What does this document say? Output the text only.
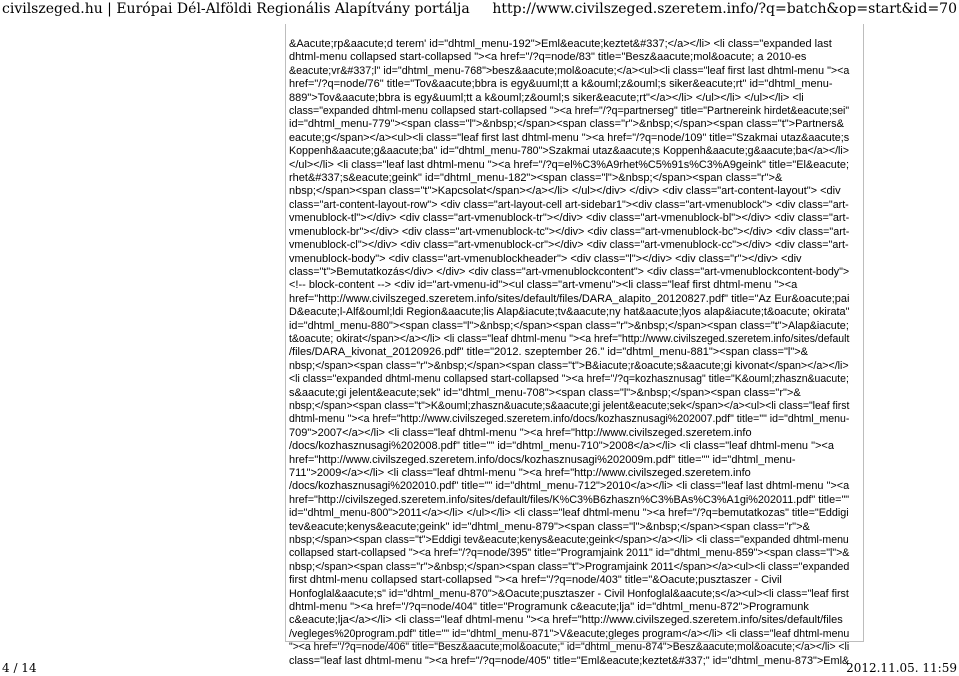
civilszeged.hu | Európai Dél-Alföldi Regionális Alapítvány portálja http://www.civilszeged.szeretem.info/?q=batch&op=start&id=70

&Aacute;rp&aacute;d terem' id="dhtml_menu-192">Eml&eacute;keztet&#337;</a></li> <li class="expanded last

dhtml-menu collapsed start-collapsed "><a href="/?q=node/83" title="Besz&aacute;mol&oacute; a 2010-es

&eacute;vr&#337;l" id="dhtml_menu-768">besz&aacute;mol&oacute;</a><ul><li class="leaf first last dhtml-menu "><a

href="/?q=node/76" title="Tov&aacute;bbra is egy&uuml;tt a k&ouml;z&ouml;s siker&eacute;rt" id="dhtml_menu-

889">Tov&aacute;bbra is egy&uuml;tt a k&ouml;z&ouml;s siker&eacute;rt"</a></li> </ul></li> </ul></li> <li

class="expanded dhtml-menu collapsed start-collapsed "><a href="/?q=partnerseg" title="Partnereink hirdet&eacute;sei"

id="dhtml_menu-779"><span class="l">&nbsp;</span><span class="r">&nbsp;</span><span class="t">Partners&

eacute;g</span></a><ul><li class="leaf first last dhtml-menu "><a href="/?q=node/109" title="Szakmai utaz&aacute;s

Koppenh&aacute;g&aacute;ba" id="dhtml_menu-780">Szakmai utaz&aacute;s Koppenh&aacute;g&aacute;ba</a></li>

</ul></li> <li class="leaf last dhtml-menu "><a href="/?q=el%C3%A9rhet%C5%91s%C3%A9geink" title="El&eacute;

rhet&#337;s&eacute;geink" id="dhtml_menu-182"><span class="l">&nbsp;</span><span class="r">&

nbsp;</span><span class="t">Kapcsolat</span></a></li> </ul></div> </div> <div class="art-content-layout"> <div

class="art-content-layout-row"> <div class="art-layout-cell art-sidebar1"><div class="art-vmenublock"> <div class="art-

vmenublock-tl"></div> <div class="art-vmenublock-tr"></div> <div class="art-vmenublock-bl"></div> <div class="art-

vmenublock-br"></div> <div class="art-vmenublock-tc"></div> <div class="art-vmenublock-bc"></div> <div class="art-

vmenublock-cl"></div> <div class="art-vmenublock-cr"></div> <div class="art-vmenublock-cc"></div> <div class="art-

vmenublock-body"> <div class="art-vmenublockheader"> <div class="l"></div> <div class="r"></div> <div

class="t">Bemutatkozás</div> </div> <div class="art-vmenublockcontent"> <div class="art-vmenublockcontent-body">

<!-- block-content --> <div id="art-vmenu-id"><ul class="art-vmenu"><li class="leaf first dhtml-menu "><a

href="http://www.civilszeged.szeretem.info/sites/default/files/DARA_alapito_20120827.pdf" title="Az Eur&oacute;pai

D&eacute;l-Alf&ouml;ldi Region&aacute;lis Alap&iacute;tv&aacute;ny hat&aacute;lyos alap&iacute;t&oacute; okirata"

id="dhtml_menu-880"><span class="l">&nbsp;</span><span class="r">&nbsp;</span><span class="t">Alap&iacute;

t&oacute; okirat</span></a></li> <li class="leaf dhtml-menu "><a href="http://www.civilszeged.szeretem.info/sites/default

/files/DARA_kivonat_20120926.pdf" title="2012. szeptember 26." id="dhtml_menu-881"><span class="l">&

nbsp;</span><span class="r">&nbsp;</span><span class="t">B&iacute;r&oacute;s&aacute;gi kivonat</span></a></li>

<li class="expanded dhtml-menu collapsed start-collapsed "><a href="/?q=kozhasznusag" title="K&ouml;zhaszn&uacute;

s&aacute;gi jelent&eacute;sek" id="dhtml_menu-708"><span class="l">&nbsp;</span><span class="r">&

nbsp;</span><span class="t">K&ouml;zhaszn&uacute;s&aacute;gi jelent&eacute;sek</span></a><ul><li class="leaf first

dhtml-menu "><a href="http://www.civilszeged.szeretem.info/docs/kozhasznusagi%202007.pdf" title="" id="dhtml_menu-

709">2007</a></li> <li class="leaf dhtml-menu "><a href="http://www.civilszeged.szeretem.info

/docs/kozhasznusagi%202008.pdf" title="" id="dhtml_menu-710">2008</a></li> <li class="leaf dhtml-menu "><a

href="http://www.civilszeged.szeretem.info/docs/kozhasznusagi%202009m.pdf" title="" id="dhtml_menu-

711">2009</a></li> <li class="leaf dhtml-menu "><a href="http://www.civilszeged.szeretem.info

/docs/kozhasznusagi%202010.pdf" title="" id="dhtml_menu-712">2010</a></li> <li class="leaf last dhtml-menu "><a

href="http://civilszeged.szeretem.info/sites/default/files/K%C3%B6zhaszn%C3%BAs%C3%A1gi%202011.pdf" title=""

id="dhtml_menu-800">2011</a></li> </ul></li> <li class="leaf dhtml-menu "><a href="/?q=bemutatkozas" title="Eddigi

tev&eacute;kenys&eacute;geink" id="dhtml_menu-879"><span class="l">&nbsp;</span><span class="r">&

nbsp;</span><span class="t">Eddigi tev&eacute;kenys&eacute;geink</span></a></li> <li class="expanded dhtml-menu

collapsed start-collapsed "><a href="/?q=node/395" title="Programjaink 2011" id="dhtml_menu-859"><span class="l">&

nbsp;</span><span class="r">&nbsp;</span><span class="t">Programjaink 2011</span></a><ul><li class="expanded

first dhtml-menu collapsed start-collapsed "><a href="/?q=node/403" title="&Oacute;pusztaszer - Civil

Honfoglal&aacute;s" id="dhtml_menu-870">&Oacute;pusztaszer - Civil Honfoglal&aacute;s</a><ul><li class="leaf first

dhtml-menu "><a href="/?q=node/404" title="Programunk c&eacute;lja" id="dhtml_menu-872">Programunk

c&eacute;lja</a></li> <li class="leaf dhtml-menu "><a href="http://www.civilszeged.szeretem.info/sites/default/files

/vegleges%20program.pdf" title="" id="dhtml_menu-871">V&eacute;gleges program</a></li> <li class="leaf dhtml-menu

"><a href="/?q=node/406" title="Besz&aacute;mol&oacute;" id="dhtml_menu-874">Besz&aacute;mol&oacute;</a></li> <li

class="leaf last dhtml-menu "><a href="/?q=node/405" title="Eml&eacute;keztet&#337;" id="dhtml_menu-873">Eml&

4 / 14	2012.11.05. 11:59
